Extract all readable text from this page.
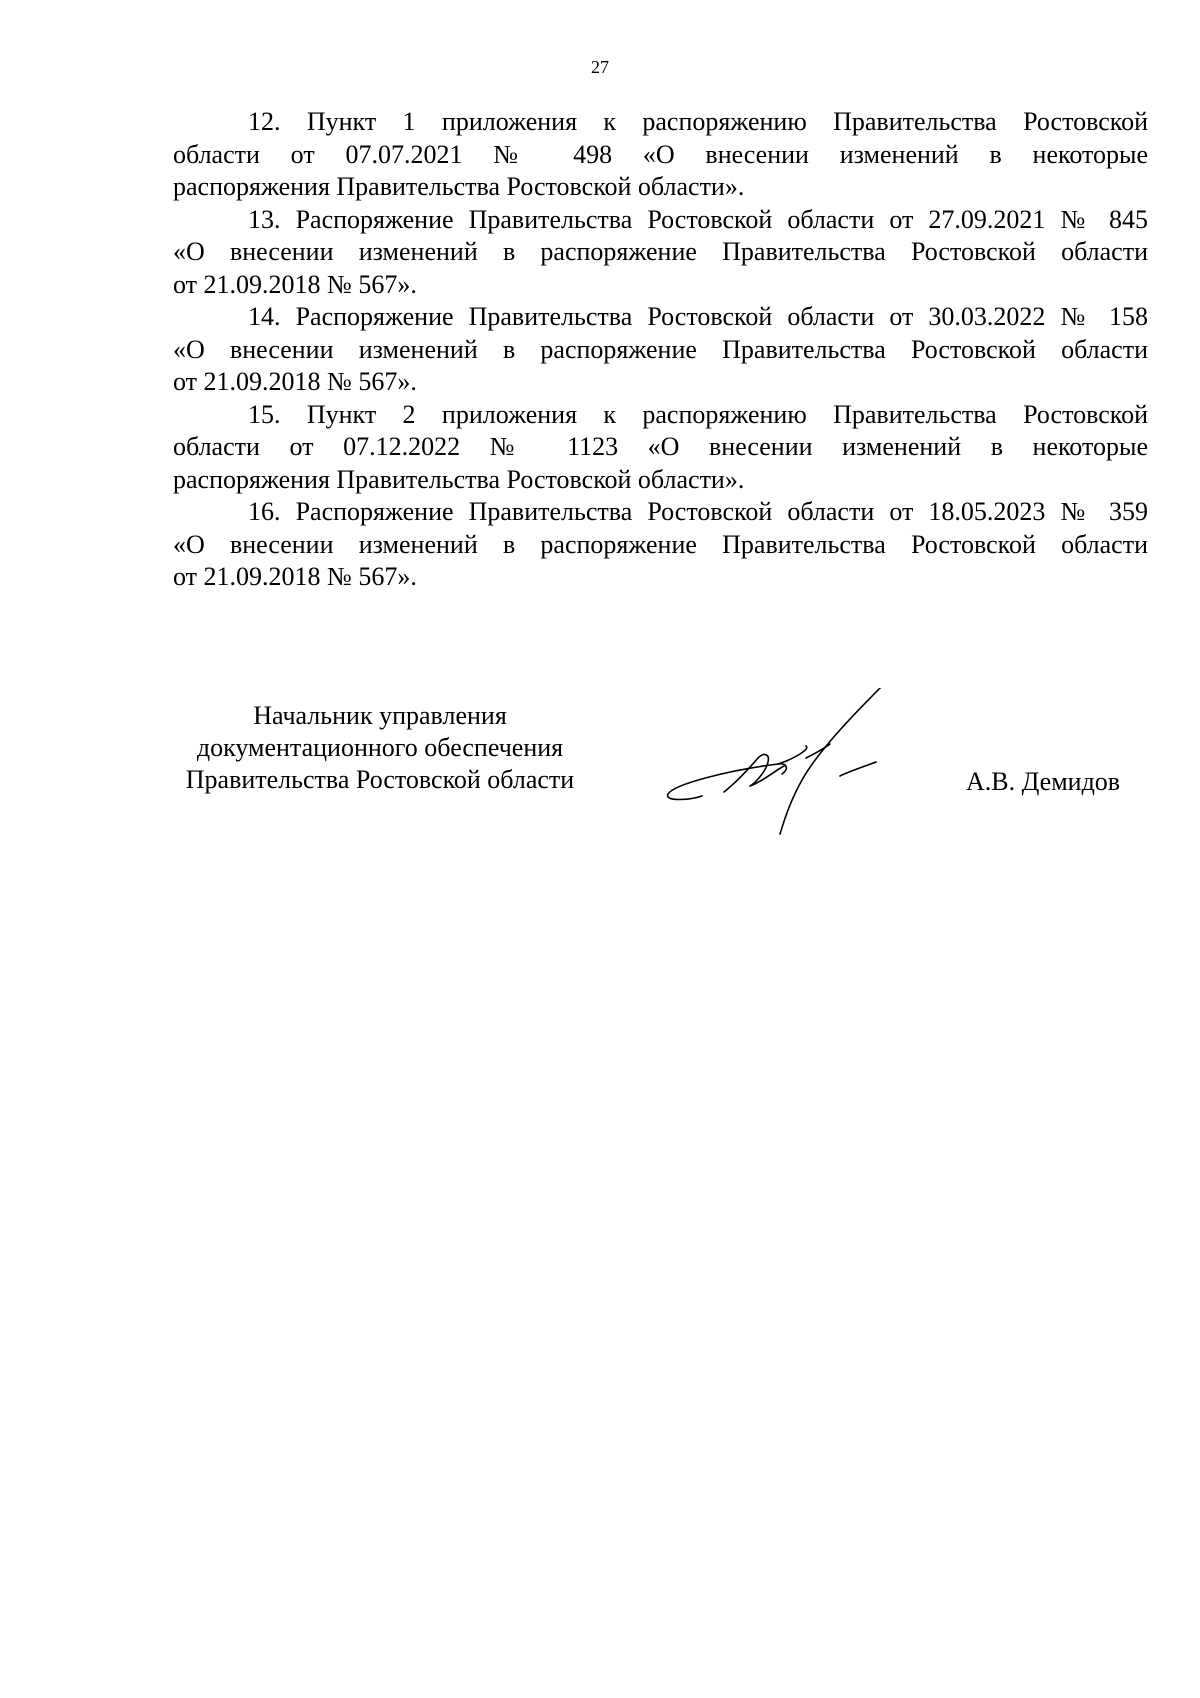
27

12. Пункт 1 приложения к распоряжению Правительства Ростовской
области от 07.07.2021 № 498 «О внесении изменений в некоторые
распоряжения Правительства Ростовской области».

13. Распоряжение Правительства Ростовской области от 27.09.2021 № 845
«О внесении изменений в распоряжение Правительства Ростовской области
от 21.09.2018 № 567».

14. Распоряжение Правительства Ростовской области от 30.03.2022 № 158
«О внесении изменений в распоряжение Правительства Ростовской области
от 21.09.2018 № 567».

15. Пункт 2 приложения к распоряжению Правительства Ростовской
области от 07.12.2022 № 1123 «О внесении изменений в некоторые
распоряжения Правительства Ростовской области».

16. Распоряжение Правительства Ростовской области от 18.05.2023 № 359
«О внесении изменений в распоряжение Правительства Ростовской области
от 21.09.2018 № 567».

Начальник управления
документационного обеспечения
Правительства Ростовской области	А.В. Демидов
